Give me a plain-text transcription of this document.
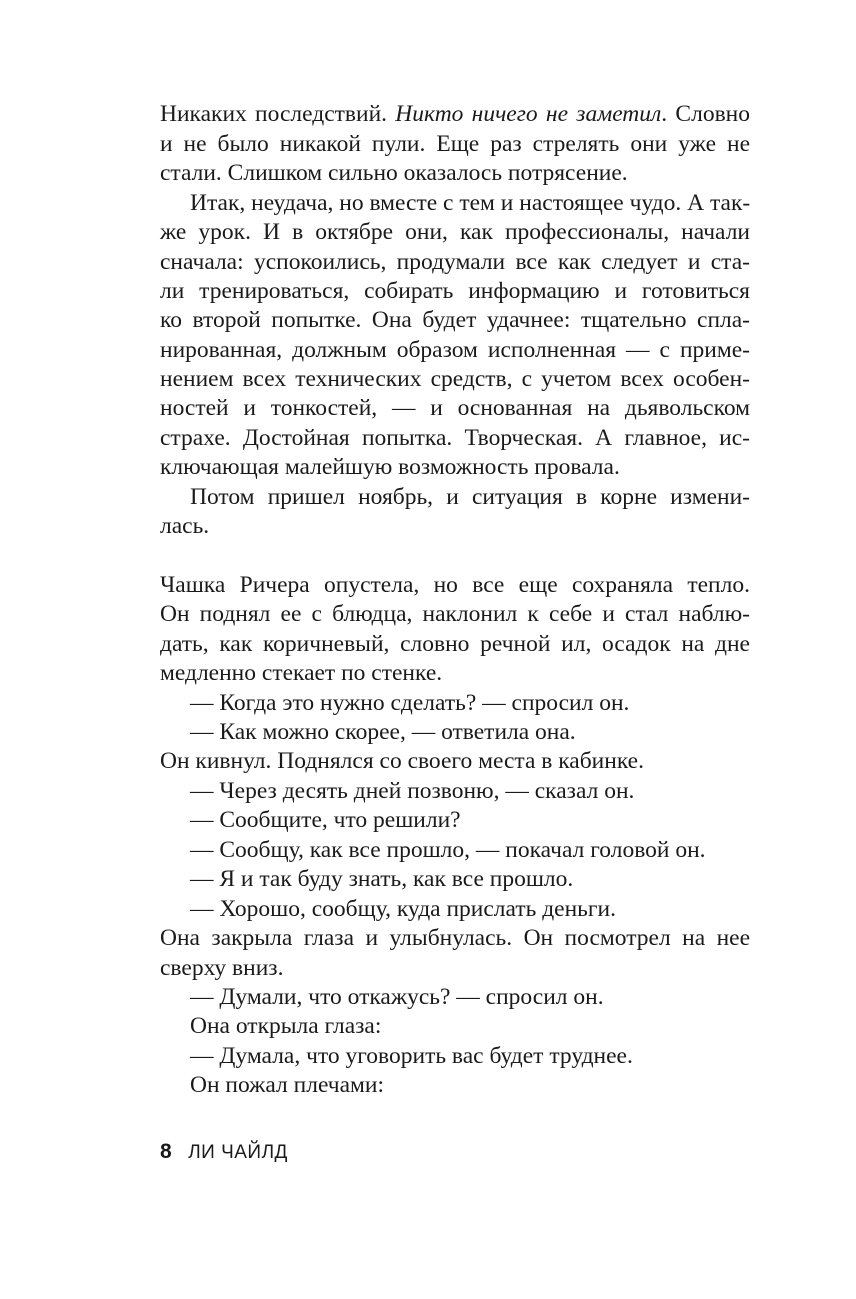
Никаких последствий. Никто ничего не заметил. Словно
и не было никакой пули. Еще раз стрелять они уже не
стали. Слишком сильно оказалось потрясение.
Итак, неудача, но вместе с тем и настоящее чудо. А так-
же урок. И в октябре они, как профессионалы, начали
сначала: успокоились, продумали все как следует и ста-
ли тренироваться, собирать информацию и готовиться
ко второй попытке. Она будет удачнее: тщательно спла-
нированная, должным образом исполненная — с приме-
нением всех технических средств, с учетом всех особен-
ностей и тонкостей, — и основанная на дьявольском
страхе. Достойная попытка. Творческая. А главное, ис-
ключающая малейшую возможность провала.
Потом пришел ноябрь, и ситуация в корне измени-
лась.
Чашка Ричера опустела, но все еще сохраняла тепло.
Он поднял ее с блюдца, наклонил к себе и стал наблю-
дать, как коричневый, словно речной ил, осадок на дне
медленно стекает по стенке.
— Когда это нужно сделать? — спросил он.
— Как можно скорее, — ответила она.
Он кивнул. Поднялся со своего места в кабинке.
— Через десять дней позвоню, — сказал он.
— Сообщите, что решили?
— Сообщу, как все прошло, — покачал головой он.
— Я и так буду знать, как все прошло.
— Хорошо, сообщу, куда прислать деньги.
Она закрыла глаза и улыбнулась. Он посмотрел на нее
сверху вниз.
— Думали, что откажусь? — спросил он.
Она открыла глаза:
— Думала, что уговорить вас будет труднее.
Он пожал плечами:
8 ЛИ ЧАЙЛД
